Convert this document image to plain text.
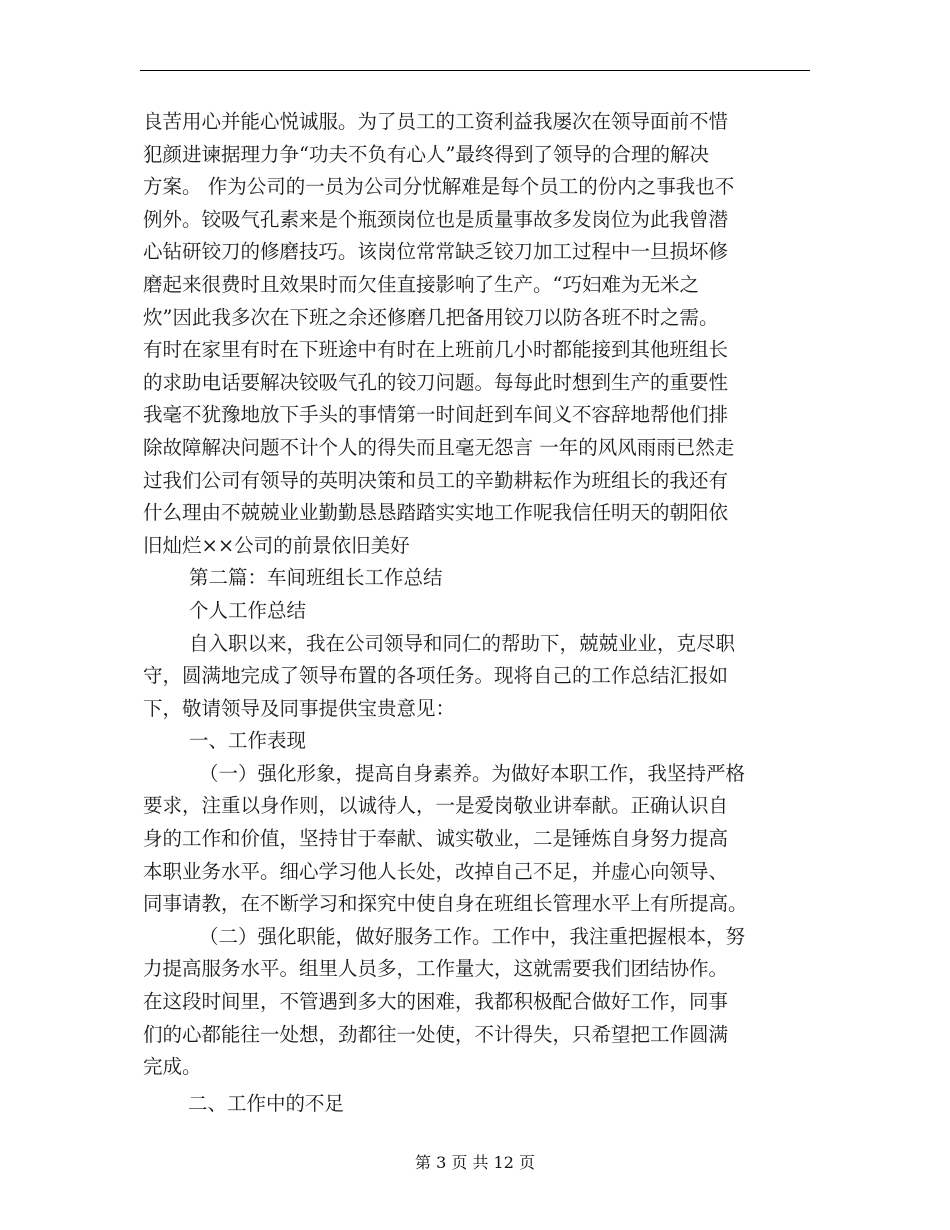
良苦用心并能心悦诚服。为了员工的工资利益我屡次在领导面前不惜
犯颜进谏据理力争“功夫不负有心人”最终得到了领导的合理的解决
方案。 作为公司的一员为公司分忧解难是每个员工的份内之事我也不
例外。铰吸气孔素来是个瓶颈岗位也是质量事故多发岗位为此我曾潜
心钻研铰刀的修磨技巧。该岗位常常缺乏铰刀加工过程中一旦损坏修
磨起来很费时且效果时而欠佳直接影响了生产。“巧妇难为无米之
炊”因此我多次在下班之余还修磨几把备用铰刀以防各班不时之需。
有时在家里有时在下班途中有时在上班前几小时都能接到其他班组长
的求助电话要解决铰吸气孔的铰刀问题。每每此时想到生产的重要性
我毫不犹豫地放下手头的事情第一时间赶到车间义不容辞地帮他们排
除故障解决问题不计个人的得失而且毫无怨言 一年的风风雨雨已然走
过我们公司有领导的英明决策和员工的辛勤耕耘作为班组长的我还有
什么理由不兢兢业业勤勤恳恳踏踏实实地工作呢我信任明天的朝阳依
旧灿烂××公司的前景依旧美好
第二篇：车间班组长工作总结
个人工作总结
自入职以来，我在公司领导和同仁的帮助下，兢兢业业，克尽职
守，圆满地完成了领导布置的各项任务。现将自己的工作总结汇报如
下，敬请领导及同事提供宝贵意见：
一、工作表现
（一）强化形象，提高自身素养。为做好本职工作，我坚持严格
要求，注重以身作则，以诚待人，一是爱岗敬业讲奉献。正确认识自
身的工作和价值，坚持甘于奉献、诚实敬业，二是锤炼自身努力提高
本职业务水平。细心学习他人长处，改掉自己不足，并虚心向领导、
同事请教，在不断学习和探究中使自身在班组长管理水平上有所提高。
（二）强化职能，做好服务工作。工作中，我注重把握根本，努
力提高服务水平。组里人员多，工作量大，这就需要我们团结协作。
在这段时间里，不管遇到多大的困难，我都积极配合做好工作，同事
们的心都能往一处想，劲都往一处使，不计得失，只希望把工作圆满
完成。
二、工作中的不足
第 3 页 共 12 页
